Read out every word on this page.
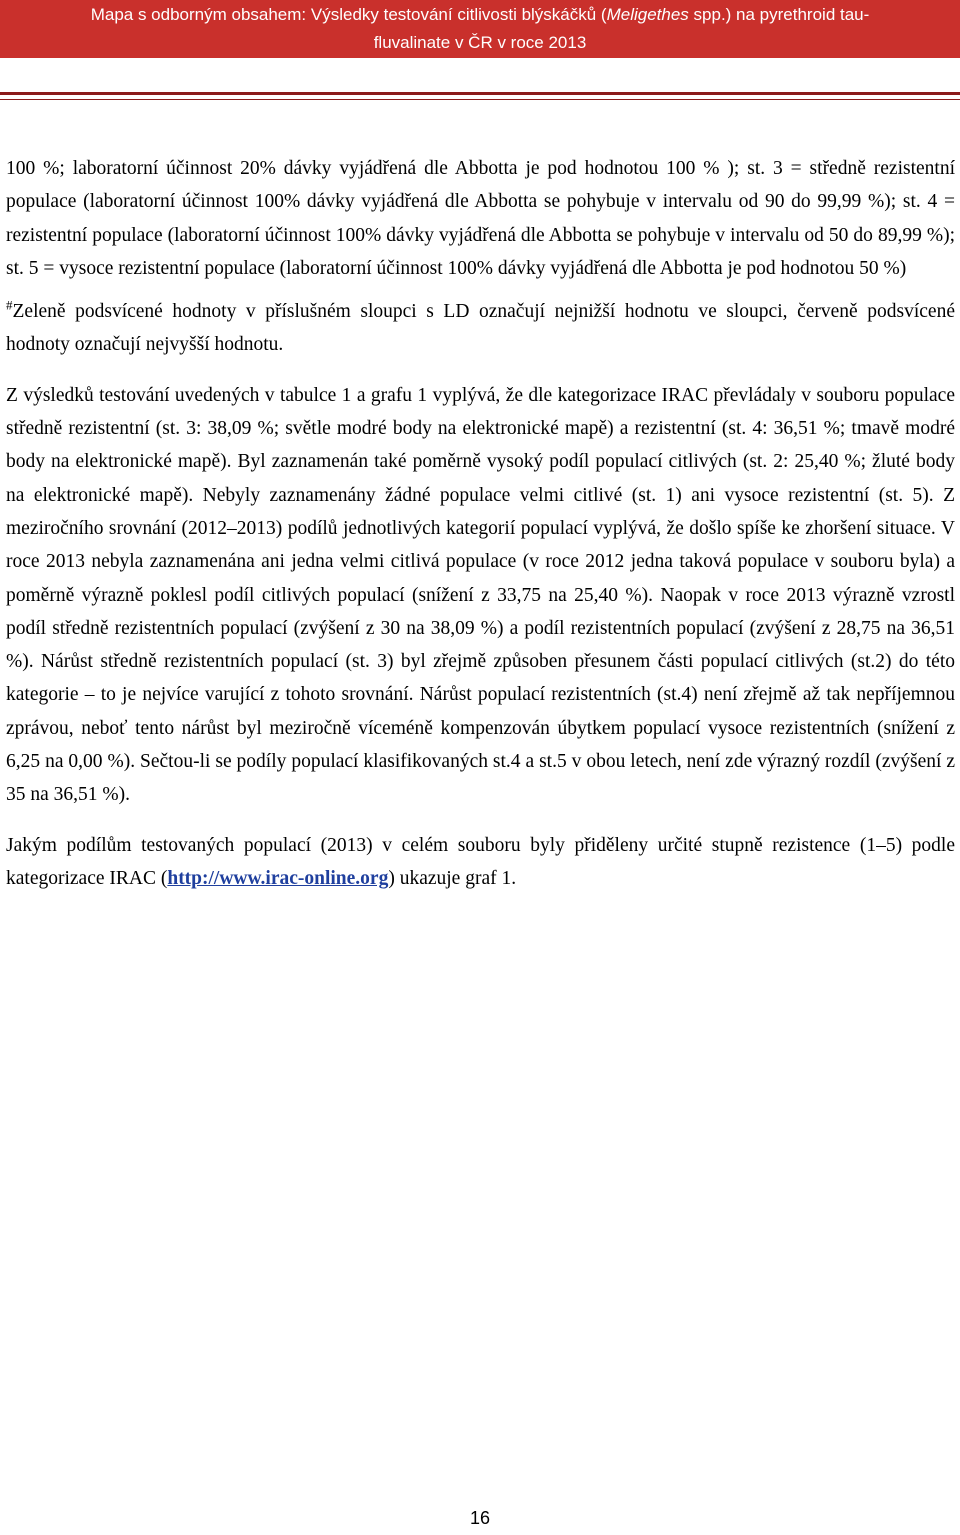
Mapa s odborným obsahem: Výsledky testování citlivosti blýskáčků (Meligethes spp.) na pyrethroid tau-
fluvalinate v ČR v roce 2013

100 %; laboratorní účinnost 20% dávky vyjádřená dle Abbotta je pod hodnotou 100 % ); st. 3 = středně rezistentní populace (laboratorní účinnost 100% dávky vyjádřená dle Abbotta se pohybuje v intervalu od 90 do 99,99 %); st. 4 = rezistentní populace (laboratorní účinnost 100% dávky vyjádřená dle Abbotta se pohybuje v intervalu od 50 do 89,99 %); st. 5 = vysoce rezistentní populace (laboratorní účinnost 100% dávky vyjádřená dle Abbotta je pod hodnotou 50 %)

#Zeleně podsvícené hodnoty v příslušném sloupci s LD označují nejnižší hodnotu ve sloupci, červeně podsvícené hodnoty označují nejvyšší hodnotu.

Z výsledků testování uvedených v tabulce 1 a grafu 1 vyplývá, že dle kategorizace IRAC převládaly v souboru populace středně rezistentní (st. 3: 38,09 %; světle modré body na elektronické mapě) a rezistentní (st. 4: 36,51 %; tmavě modré body na elektronické mapě). Byl zaznamenán také poměrně vysoký podíl populací citlivých (st. 2: 25,40 %; žluté body na elektronické mapě). Nebyly zaznamenány žádné populace velmi citlivé (st. 1) ani vysoce rezistentní (st. 5). Z meziročního srovnání (2012–2013) podílů jednotlivých kategorií populací vyplývá, že došlo spíše ke zhoršení situace. V roce 2013 nebyla zaznamenána ani jedna velmi citlivá populace (v roce 2012 jedna taková populace v souboru byla) a poměrně výrazně poklesl podíl citlivých populací (snížení z 33,75 na 25,40 %). Naopak v roce 2013 výrazně vzrostl podíl středně rezistentních populací (zvýšení z 30 na 38,09 %) a podíl rezistentních populací (zvýšení z 28,75 na 36,51 %). Nárůst středně rezistentních populací (st. 3) byl zřejmě způsoben přesunem části populací citlivých (st.2) do této kategorie – to je nejvíce varující z tohoto srovnání. Nárůst populací rezistentních (st.4) není zřejmě až tak nepříjemnou zprávou, neboť tento nárůst byl meziročně víceméně kompenzován úbytkem populací vysoce rezistentních (snížení z 6,25 na 0,00 %). Sečtou-li se podíly populací klasifikovaných st.4 a st.5 v obou letech, není zde výrazný rozdíl (zvýšení z 35 na 36,51 %).

Jakým podílům testovaných populací (2013) v celém souboru byly přiděleny určité stupně rezistence (1–5) podle kategorizace IRAC (http://www.irac-online.org) ukazuje graf 1.

16
